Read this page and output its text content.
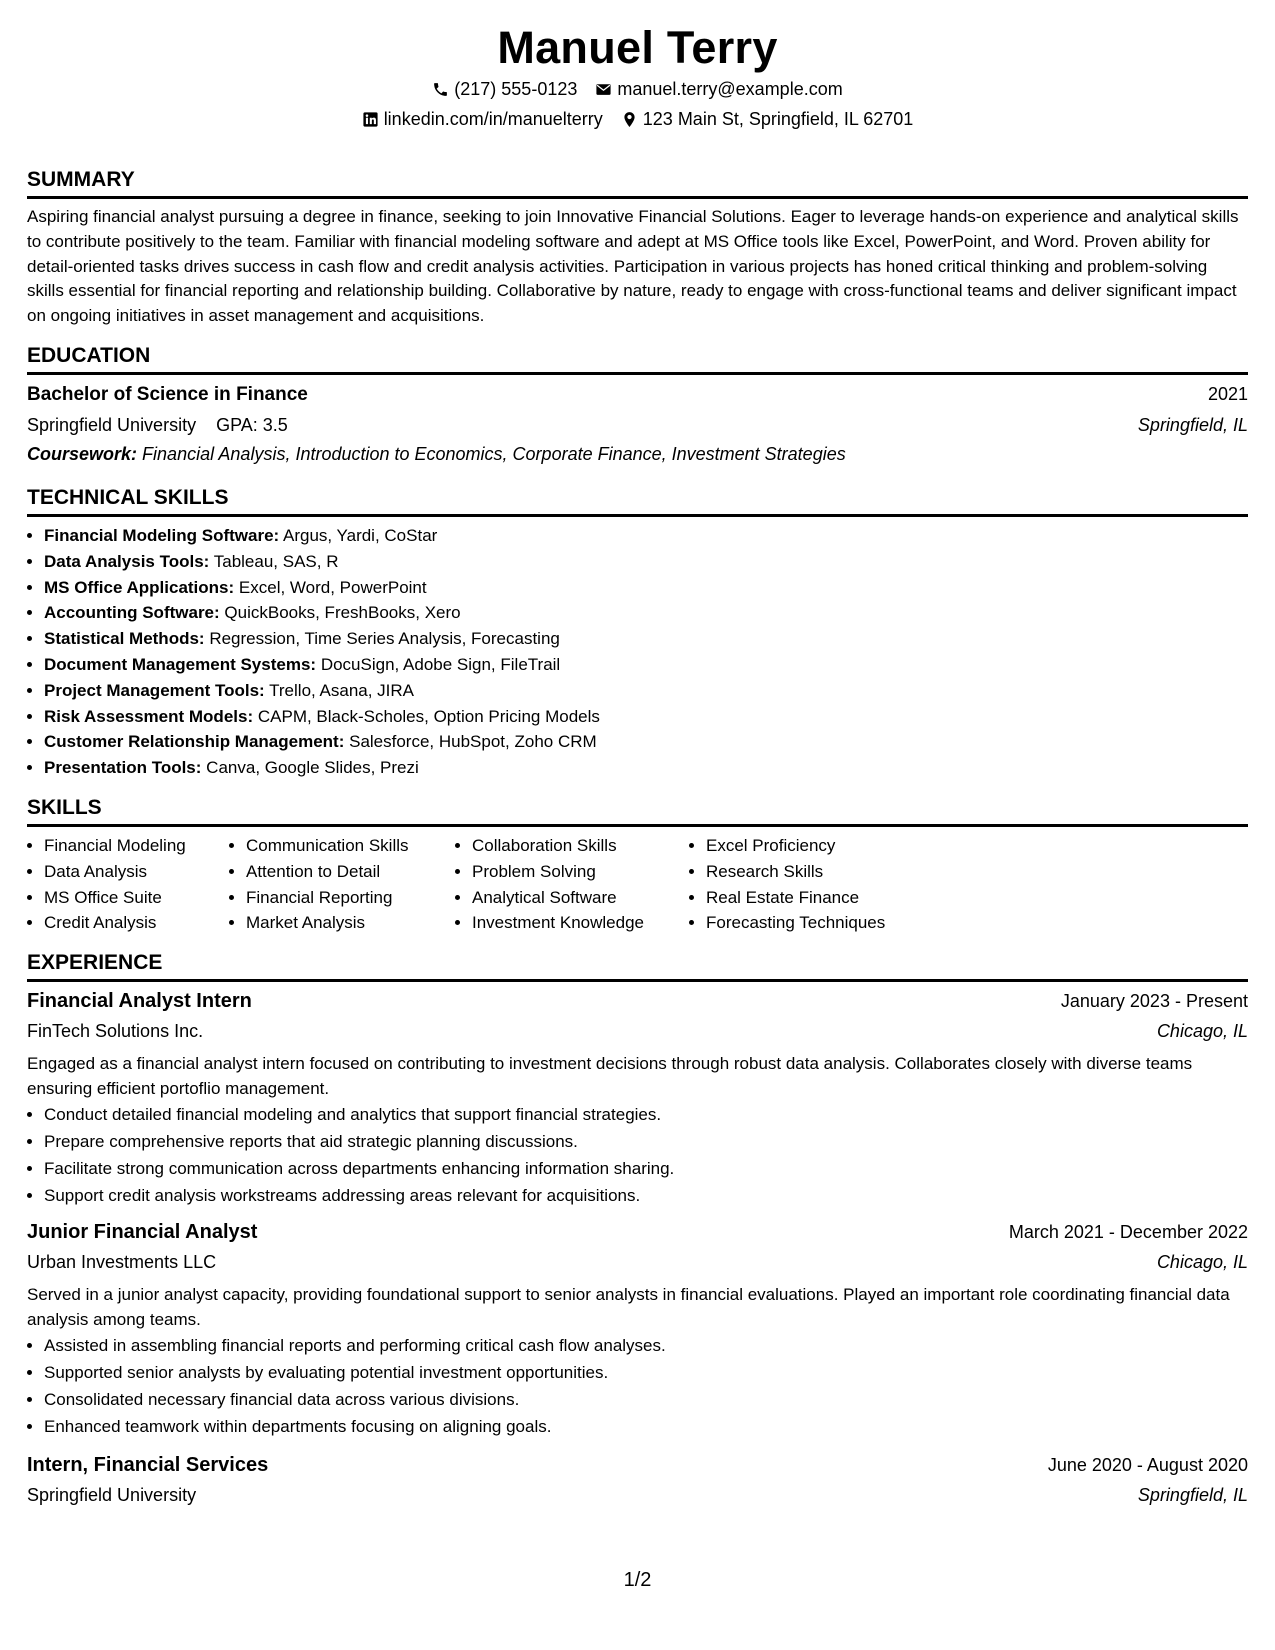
Manuel Terry
(217) 555-0123 manuel.terry@example.com
linkedin.com/in/manuelterry 123 Main St, Springfield, IL 62701
SUMMARY

Aspiring financial analyst pursuing a degree in finance, seeking to join Innovative Financial Solutions. Eager to leverage hands-on experience and analytical skills to contribute positively to the team. Familiar with financial modeling software and adept at MS Office tools like Excel, PowerPoint, and Word. Proven ability for detail-oriented tasks drives success in cash flow and credit analysis activities. Participation in various projects has honed critical thinking and problem-solving skills essential for financial reporting and relationship building. Collaborative by nature, ready to engage with cross-functional teams and deliver significant impact on ongoing initiatives in asset management and acquisitions.

EDUCATION
Bachelor of Science in Finance	2021
Springfield University GPA: 3.5	Springfield, IL
Coursework: Financial Analysis, Introduction to Economics, Corporate Finance, Investment Strategies
TECHNICAL SKILLS
• Financial Modeling Software: Argus, Yardi, CoStar
• Data Analysis Tools: Tableau, SAS, R
• MS Office Applications: Excel, Word, PowerPoint
• Accounting Software: QuickBooks, FreshBooks, Xero
• Statistical Methods: Regression, Time Series Analysis, Forecasting
• Document Management Systems: DocuSign, Adobe Sign, FileTrail
• Project Management Tools: Trello, Asana, JIRA
• Risk Assessment Models: CAPM, Black-Scholes, Option Pricing Models
• Customer Relationship Management: Salesforce, HubSpot, Zoho CRM
• Presentation Tools: Canva, Google Slides, Prezi
SKILLS
• Financial Modeling
• Data Analysis
• MS Office Suite
• Credit Analysis
• Communication Skills
• Attention to Detail
• Financial Reporting
• Market Analysis
• Collaboration Skills
• Problem Solving
• Analytical Software
• Investment Knowledge
• Excel Proficiency
• Research Skills
• Real Estate Finance
• Forecasting Techniques
EXPERIENCE
Financial Analyst Intern	January 2023 - Present
FinTech Solutions Inc.	Chicago, IL

Engaged as a financial analyst intern focused on contributing to investment decisions through robust data analysis. Collaborates closely with diverse teams ensuring efficient portoflio management.

• Conduct detailed financial modeling and analytics that support financial strategies.
• Prepare comprehensive reports that aid strategic planning discussions.
• Facilitate strong communication across departments enhancing information sharing.
• Support credit analysis workstreams addressing areas relevant for acquisitions.
Junior Financial Analyst	March 2021 - December 2022
Urban Investments LLC	Chicago, IL

Served in a junior analyst capacity, providing foundational support to senior analysts in financial evaluations. Played an important role coordinating financial data analysis among teams.

• Assisted in assembling financial reports and performing critical cash flow analyses.
• Supported senior analysts by evaluating potential investment opportunities.
• Consolidated necessary financial data across various divisions.
• Enhanced teamwork within departments focusing on aligning goals.
Intern, Financial Services	June 2020 - August 2020
Springfield University	Springfield, IL
1/2
